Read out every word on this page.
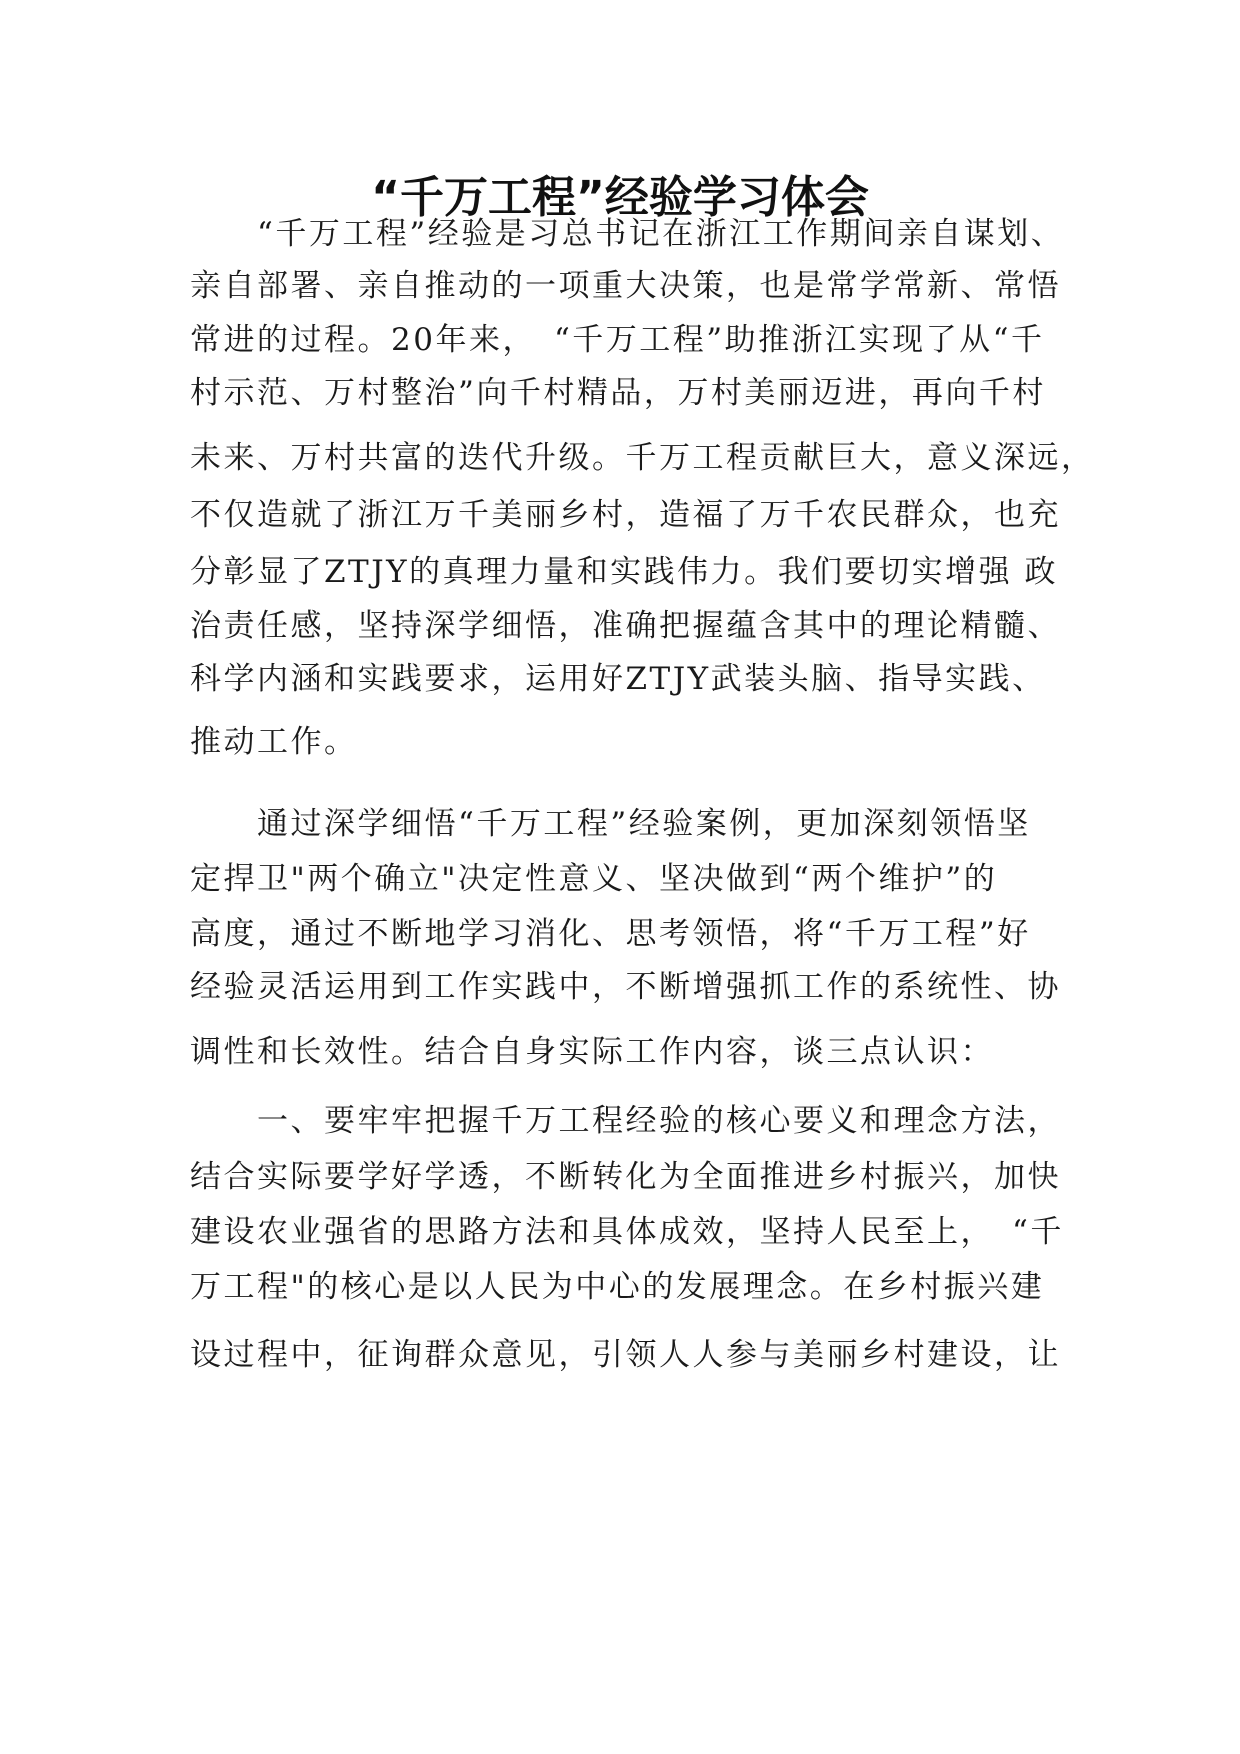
“千万工程”经验学习体会
　　“千万工程”经验是习总书记在浙江工作期间亲自谋划、
亲自部署、亲自推动的一项重大决策，也是常学常新、常悟
常进的过程。20年来，　“千万工程”助推浙江实现了从“千
村示范、万村整治”向千村精品，万村美丽迈进，再向千村
未来、万村共富的迭代升级。千万工程贡献巨大，意义深远，
不仅造就了浙江万千美丽乡村，造福了万千农民群众，也充
分彰显了ZTJY的真理力量和实践伟力。我们要切实增强 政
治责任感，坚持深学细悟，准确把握蕴含其中的理论精髓、
科学内涵和实践要求，运用好ZTJY武装头脑、指导实践、
推动工作。
　　通过深学细悟“千万工程”经验案例，更加深刻领悟坚
定捍卫"两个确立"决定性意义、坚决做到“两个维护”的
高度，通过不断地学习消化、思考领悟，将“千万工程”好
经验灵活运用到工作实践中，不断增强抓工作的系统性、协
调性和长效性。结合自身实际工作内容，谈三点认识：
　　一、要牢牢把握千万工程经验的核心要义和理念方法，
结合实际要学好学透，不断转化为全面推进乡村振兴，加快
建设农业强省的思路方法和具体成效，坚持人民至上，　“千
万工程"的核心是以人民为中心的发展理念。在乡村振兴建
设过程中，征询群众意见，引领人人参与美丽乡村建设，让
